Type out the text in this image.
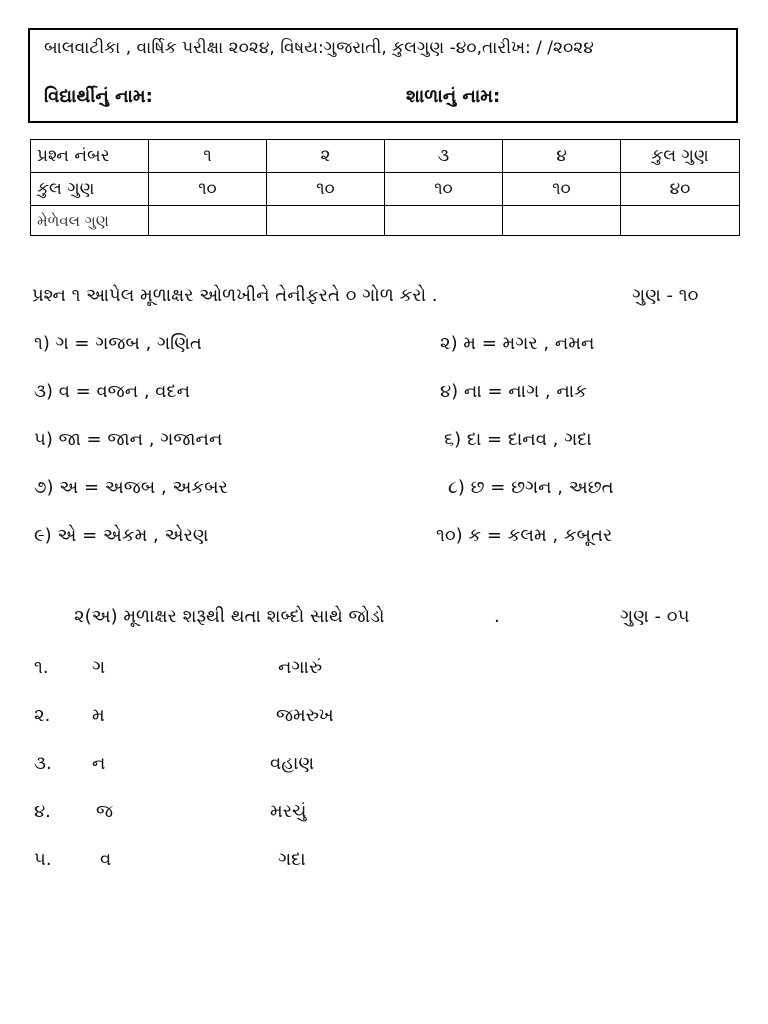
બાલવાટીકા , વાર્ષિક પરીક્ષા ૨૦૨૪, વિષય:ગુજરાતી, કુલગુણ -૪૦,તારીખ: / /૨૦૨૪
વિદ્યાર્થીનું નામ:	શાળાનું નામ:
પ્રશ્ન નંબર	૧	૨	૩	૪	કુલ ગુણ
કુલ ગુણ	૧૦	૧૦	૧૦	૧૦	૪૦
મેળેવલ ગુણ					
પ્રશ્ન ૧ આપેલ મૂળાક્ષર ઓળખીને તેનીફરતે ૦ ગોળ કરો .	ગુણ - ૧૦
૧) ગ = ગજબ , ગણિત	૨) મ = મગર , નમન
૩) વ = વજન , વદન	૪) ના = નાગ , નાક
૫) જા = જાન , ગજાનન	૬) દા = દાનવ , ગદા
૭) અ = અજબ , અકબર	૮) છ = છગન , અછત
૯) એ = એકમ , એરણ	૧૦) ક = કલમ , કબૂતર
૨(અ) મૂળાક્ષર શરૂથી થતા શબ્દો સાથે જોડો	.	ગુણ - ૦૫
૧. ગ	નગારું
૨. મ	જમરુખ
૩. ન	વહાણ
૪.	જ	મરચું
૫.	વ	ગદા
